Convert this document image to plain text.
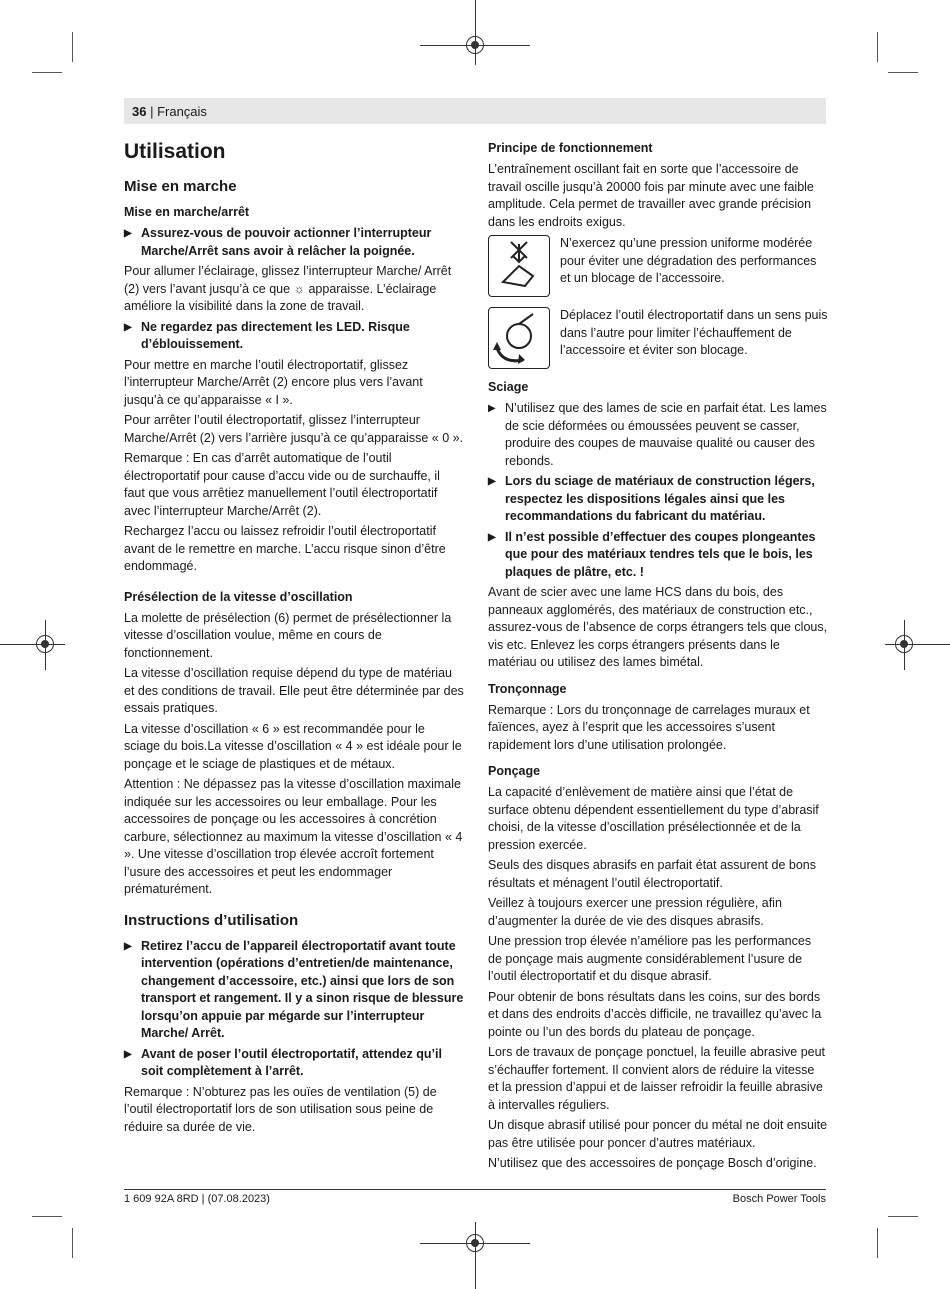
36 | Français
Utilisation
Mise en marche
Mise en marche/arrêt

▶ Assurez-vous de pouvoir actionner l’interrupteur Marche/Arrêt sans avoir à relâcher la poignée.

Pour allumer l’éclairage, glissez l’interrupteur Marche/ Arrêt (2) vers l’avant jusqu’à ce que ☼ apparaisse. L’éclairage améliore la visibilité dans la zone de travail.

▶ Ne regardez pas directement les LED. Risque d’éblouissement.

Pour mettre en marche l’outil électroportatif, glissez l’interrupteur Marche/Arrêt (2) encore plus vers l’avant jusqu’à ce qu’apparaisse « I ».

Pour arrêter l’outil électroportatif, glissez l’interrupteur Marche/Arrêt (2) vers l’arrière jusqu’à ce qu’apparaisse « 0 ».

Remarque : En cas d’arrêt automatique de l’outil électroportatif pour cause d’accu vide ou de surchauffe, il faut que vous arrêtiez manuellement l’outil électroportatif avec l’interrupteur Marche/Arrêt (2).

Rechargez l’accu ou laissez refroidir l’outil électroportatif avant de le remettre en marche. L’accu risque sinon d’être endommagé.

Présélection de la vitesse d’oscillation

La molette de présélection (6) permet de présélectionner la vitesse d’oscillation voulue, même en cours de fonctionnement.

La vitesse d’oscillation requise dépend du type de matériau et des conditions de travail. Elle peut être déterminée par des essais pratiques.

La vitesse d’oscillation « 6 » est recommandée pour le sciage du bois.La vitesse d’oscillation « 4 » est idéale pour le ponçage et le sciage de plastiques et de métaux.

Attention : Ne dépassez pas la vitesse d’oscillation maximale indiquée sur les accessoires ou leur emballage. Pour les accessoires de ponçage ou les accessoires à concrétion carbure, sélectionnez au maximum la vitesse d’oscillation « 4 ». Une vitesse d’oscillation trop élevée accroît fortement l’usure des accessoires et peut les endommager prématurément.

Instructions d’utilisation

▶ Retirez l’accu de l’appareil électroportatif avant toute intervention (opérations d’entretien/de maintenance, changement d’accessoire, etc.) ainsi que lors de son transport et rangement. Il y a sinon risque de blessure lorsqu’on appuie par mégarde sur l’interrupteur Marche/ Arrêt.

▶ Avant de poser l’outil électroportatif, attendez qu’il soit complètement à l’arrêt.

Remarque : N’obturez pas les ouïes de ventilation (5) de l’outil électroportatif lors de son utilisation sous peine de réduire sa durée de vie.

Principe de fonctionnement

L’entraînement oscillant fait en sorte que l’accessoire de travail oscille jusqu’à 20000 fois par minute avec une faible amplitude. Cela permet de travailler avec grande précision dans les endroits exigus.

N’exercez qu’une pression uniforme modérée pour éviter une dégradation des performances et un blocage de l’accessoire.
Déplacez l’outil électroportatif dans un sens puis dans l’autre pour limiter l’échauffement de l’accessoire et éviter son blocage.
Sciage

▶ N’utilisez que des lames de scie en parfait état. Les lames de scie déformées ou émoussées peuvent se casser, produire des coupes de mauvaise qualité ou causer des rebonds.

▶ Lors du sciage de matériaux de construction légers, respectez les dispositions légales ainsi que les recommandations du fabricant du matériau.

▶ Il n’est possible d’effectuer des coupes plongeantes que pour des matériaux tendres tels que le bois, les plaques de plâtre, etc. !

Avant de scier avec une lame HCS dans du bois, des panneaux agglomérés, des matériaux de construction etc., assurez-vous de l’absence de corps étrangers tels que clous, vis etc. Enlevez les corps étrangers présents dans le matériau ou utilisez des lames bimétal.

Tronçonnage

Remarque : Lors du tronçonnage de carrelages muraux et faïences, ayez à l’esprit que les accessoires s’usent rapidement lors d’une utilisation prolongée.

Ponçage

La capacité d’enlèvement de matière ainsi que l’état de surface obtenu dépendent essentiellement du type d’abrasif choisi, de la vitesse d’oscillation présélectionnée et de la pression exercée.

Seuls des disques abrasifs en parfait état assurent de bons résultats et ménagent l’outil électroportatif.

Veillez à toujours exercer une pression régulière, afin d’augmenter la durée de vie des disques abrasifs.

Une pression trop élevée n’améliore pas les performances de ponçage mais augmente considérablement l’usure de l’outil électroportatif et du disque abrasif.

Pour obtenir de bons résultats dans les coins, sur des bords et dans des endroits d’accès difficile, ne travaillez qu’avec la pointe ou l’un des bords du plateau de ponçage.

Lors de travaux de ponçage ponctuel, la feuille abrasive peut s’échauffer fortement. Il convient alors de réduire la vitesse et la pression d’appui et de laisser refroidir la feuille abrasive à intervalles réguliers.

Un disque abrasif utilisé pour poncer du métal ne doit ensuite pas être utilisée pour poncer d’autres matériaux.

N’utilisez que des accessoires de ponçage Bosch d’origine.

1 609 92A 8RD | (07.08.2023)	Bosch Power Tools
